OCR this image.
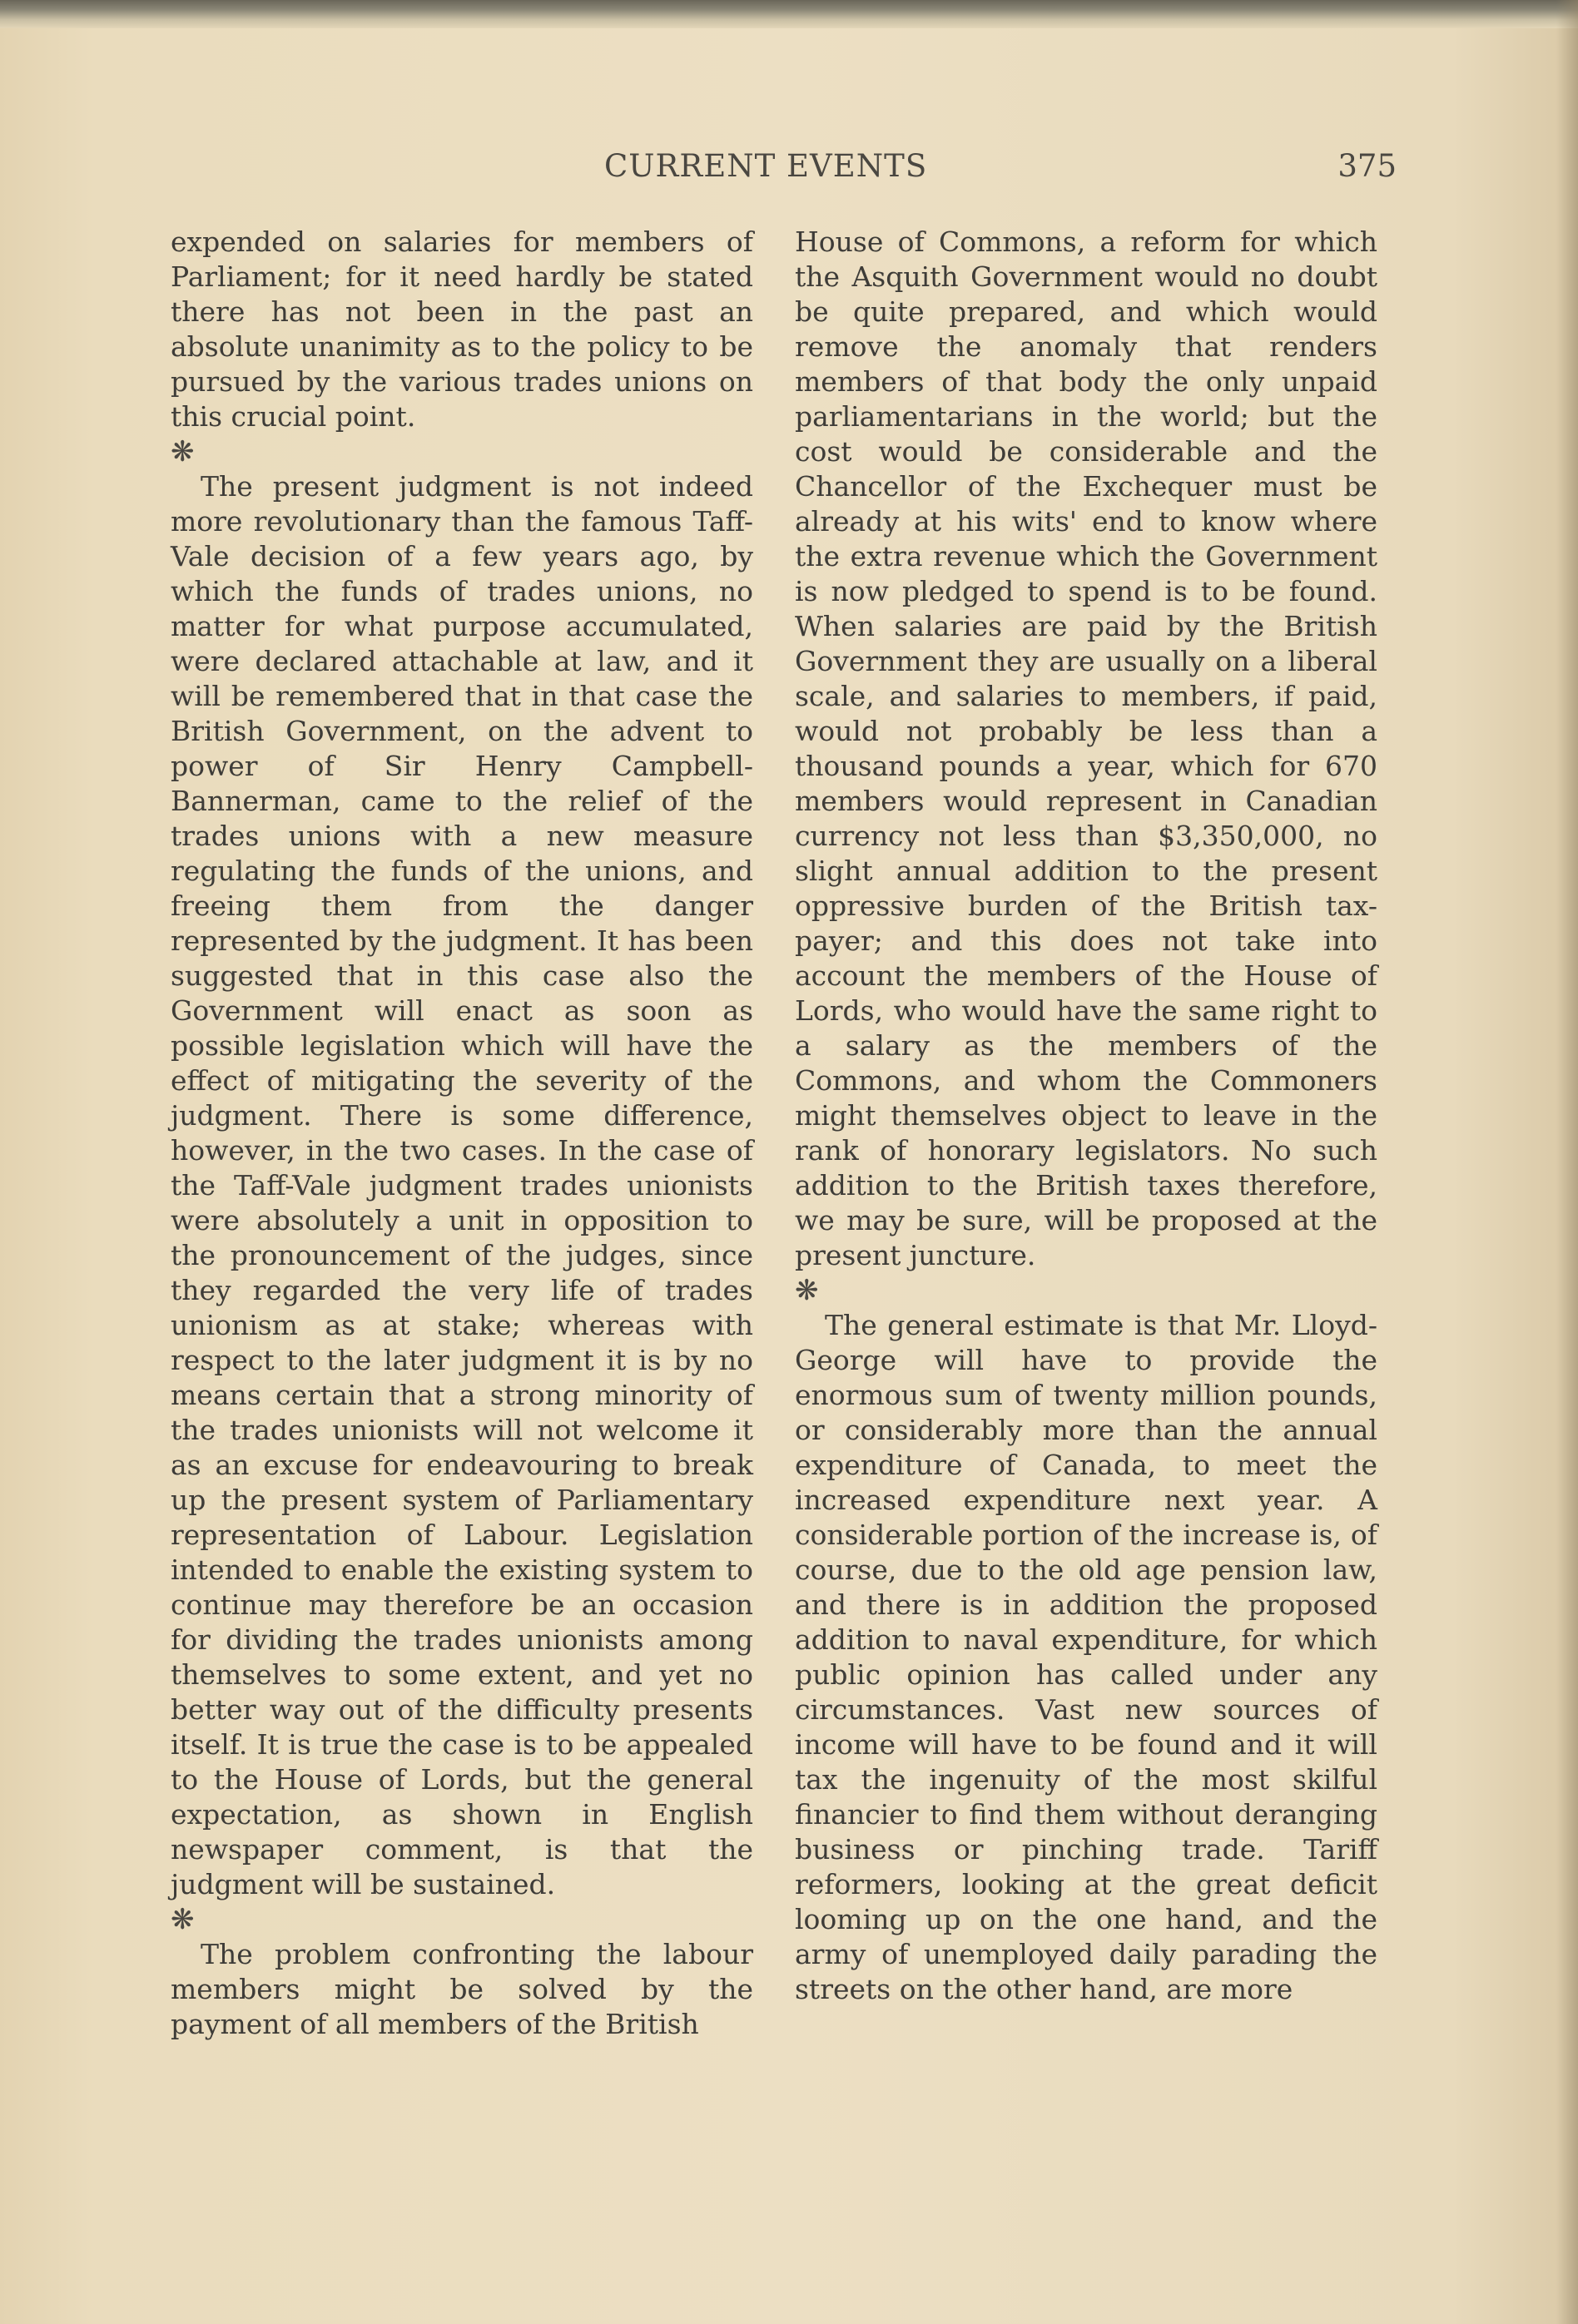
CURRENT EVENTS	375

expended on salaries for members of Parliament; for it need hardly be stated there has not been in the past an absolute unanimity as to the policy to be pursued by the various trades unions on this crucial point.

❋

The present judgment is not indeed more revolutionary than the famous Taff-Vale decision of a few years ago, by which the funds of trades unions, no matter for what purpose accumulated, were declared attachable at law, and it will be remembered that in that case the British Government, on the advent to power of Sir Henry Campbell-Bannerman, came to the relief of the trades unions with a new measure regulating the funds of the unions, and freeing them from the danger represented by the judgment. It has been suggested that in this case also the Government will enact as soon as possible legislation which will have the effect of mitigating the severity of the judgment. There is some difference, however, in the two cases. In the case of the Taff-Vale judgment trades unionists were absolutely a unit in opposition to the pronouncement of the judges, since they regarded the very life of trades unionism as at stake; whereas with respect to the later judgment it is by no means certain that a strong minority of the trades unionists will not welcome it as an excuse for endeavouring to break up the present system of Parliamentary representation of Labour. Legislation intended to enable the existing system to continue may therefore be an occasion for dividing the trades unionists among themselves to some extent, and yet no better way out of the difficulty presents itself. It is true the case is to be appealed to the House of Lords, but the general expectation, as shown in English newspaper comment, is that the judgment will be sustained.

❋

The problem confronting the labour members might be solved by the payment of all members of the British

House of Commons, a reform for which the Asquith Government would no doubt be quite prepared, and which would remove the anomaly that renders members of that body the only unpaid parliamentarians in the world; but the cost would be considerable and the Chancellor of the Exchequer must be already at his wits' end to know where the extra revenue which the Government is now pledged to spend is to be found. When salaries are paid by the British Government they are usually on a liberal scale, and salaries to members, if paid, would not probably be less than a thousand pounds a year, which for 670 members would represent in Canadian currency not less than $3,350,000, no slight annual addition to the present oppressive burden of the British tax-payer; and this does not take into account the members of the House of Lords, who would have the same right to a salary as the members of the Commons, and whom the Commoners might themselves object to leave in the rank of honorary legislators. No such addition to the British taxes therefore, we may be sure, will be proposed at the present juncture.

❋

The general estimate is that Mr. Lloyd-George will have to provide the enormous sum of twenty million pounds, or considerably more than the annual expenditure of Canada, to meet the increased expenditure next year. A considerable portion of the increase is, of course, due to the old age pension law, and there is in addition the proposed addition to naval expenditure, for which public opinion has called under any circumstances. Vast new sources of income will have to be found and it will tax the ingenuity of the most skilful financier to find them without deranging business or pinching trade. Tariff reformers, looking at the great deficit looming up on the one hand, and the army of unemployed daily parading the streets on the other hand, are more
